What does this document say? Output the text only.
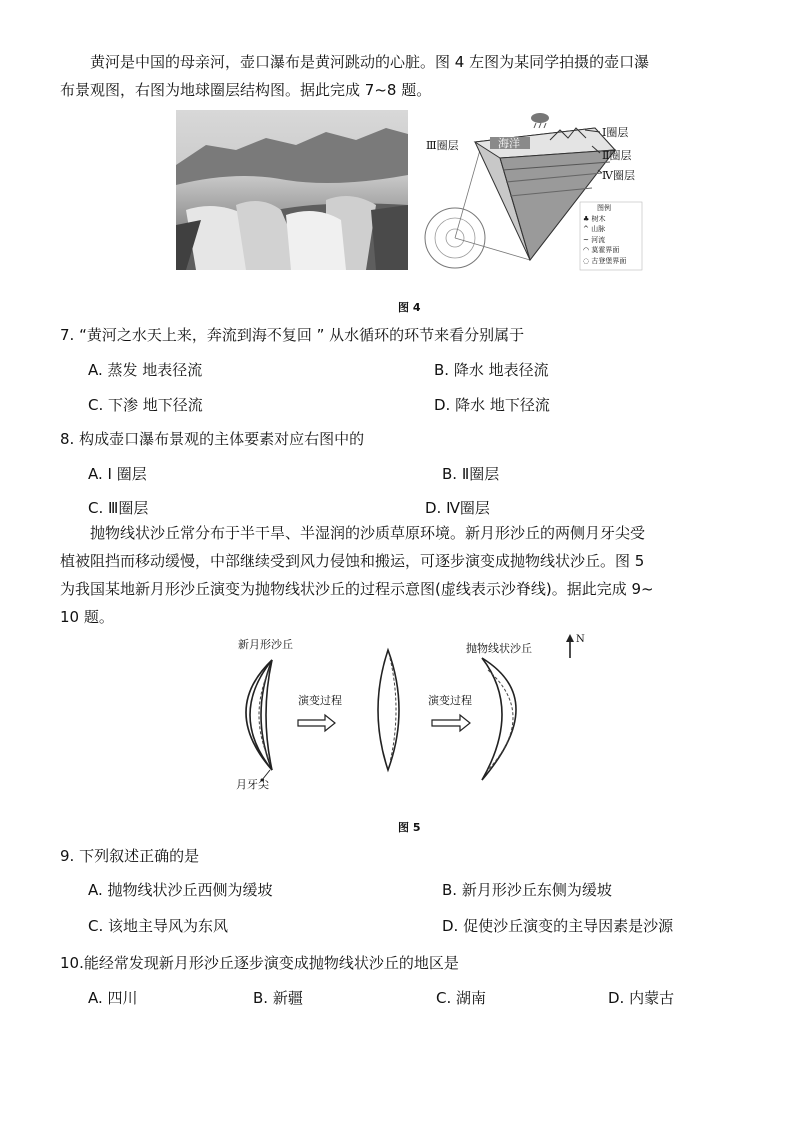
黄河是中国的母亲河，壶口瀑布是黄河跳动的心脏。图 4 左图为某同学拍摄的壶口瀑

布景观图，右图为地球圈层结构图。据此完成 7~8 题。

Ⅰ圈层
Ⅱ圈层
Ⅳ圈层
Ⅲ圈层	海洋
图例
♣ 树木
^ 山脉
~ 河流
◠ 莫霍界面
◌ 古登堡界面
图 4
7. “黄河之水天上来，奔流到海不复回 ” 从水循环的环节来看分别属于
A. 蒸发 地表径流	B. 降水 地表径流
C. 下渗 地下径流	D. 降水 地下径流
8. 构成壶口瀑布景观的主体要素对应右图中的
A. Ⅰ 圈层	B. Ⅱ圈层
C. Ⅲ圈层	D. Ⅳ圈层

抛物线状沙丘常分布于半干旱、半湿润的沙质草原环境。新月形沙丘的两侧月牙尖受

植被阻挡而移动缓慢，中部继续受到风力侵蚀和搬运，可逐步演变成抛物线状沙丘。图 5

为我国某地新月形沙丘演变为抛物线状沙丘的过程示意图(虚线表示沙脊线)。据此完成 9~

10 题。

新月形沙丘	抛物线状沙丘
演变过程	演变过程
月牙尖
N
图 5
9. 下列叙述正确的是
A. 抛物线状沙丘西侧为缓坡	B. 新月形沙丘东侧为缓坡
C. 该地主导风为东风	D. 促使沙丘演变的主导因素是沙源
10.能经常发现新月形沙丘逐步演变成抛物线状沙丘的地区是
A. 四川	B. 新疆	C. 湖南	D. 内蒙古
